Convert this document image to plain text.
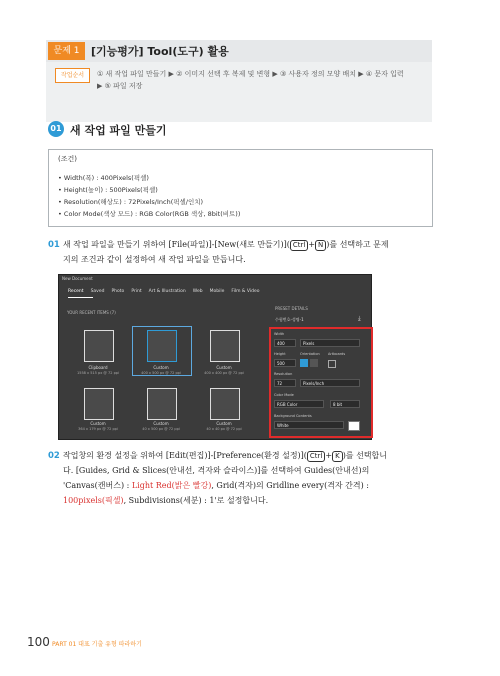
문제 1	[기능평가] Tool(도구) 활용
작업순서	① 새 작업 파일 만들기 ▶ ② 이미지 선택 후 복제 및 변형 ▶ ③ 사용자 정의 모양 배치 ▶ ④ 문자 입력
▶ ⑤ 파일 저장
01 새 작업 파일 만들기
(조건)
• Width(폭) : 400Pixels(픽셀)
• Height(높이) : 500Pixels(픽셀)
• Resolution(해상도) : 72Pixels/Inch(픽셀/인치)
• Color Mode(색상 모드) : RGB Color(RGB 색상, 8bit(비트))
01 새 작업 파일을 만들기 위하여 [File(파일)]-[New(새로 만들기)]( Ctrl + N )를 선택하고 문제
지의 조건과 같이 설정하여 새 작업 파일을 만듭니다.
New Document
Recent Saved Photo Print Art & Illustration Web Mobile Film & Video
YOUR RECENT ITEMS (7)
Clipboard
1558 x 515 px @ 72 ppi
Custom
400 x 500 px @ 72 ppi
Custom
400 x 400 px @ 72 ppi
Custom
364 x 179 px @ 72 ppi
Custom
40 x 500 px @ 72 ppi
Custom
40 x 40 px @ 72 ppi
PRESET DETAILS
수험번호-성명-1	⤓
Width
400	Pixels
Height	Orientation Artboards
500
Resolution
72	Pixels/Inch
Color Mode
RGB Color	8 bit
Background Contents
White
02 작업창의 환경 설정을 위하여 [Edit(편집)]-[Preference(환경 설정)]( Ctrl + K )를 선택합니
다. [Guides, Grid & Slices(안내선, 격자와 슬라이스)]를 선택하여 Guides(안내선)의
'Canvas(캔버스) : Light Red(밝은 빨강), Grid(격자)의 Gridline every(격자 간격) :
100pixels(픽셀), Subdivisions(세분) : 1'로 설정합니다.
100 PART 01 대표 기출 유형 따라하기
